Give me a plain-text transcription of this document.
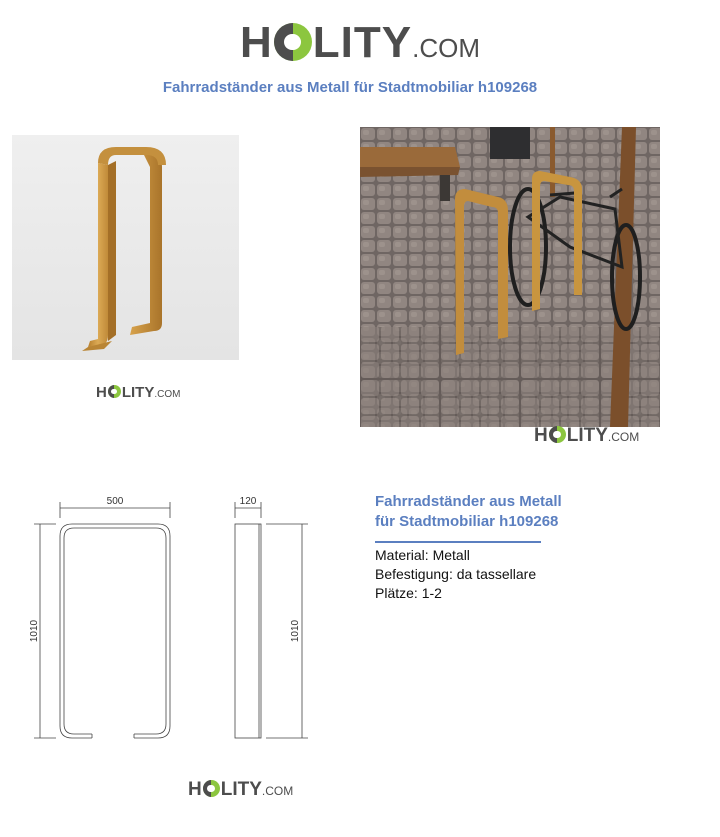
H LITY .COM
Fahrradständer aus Metall für Stadtmobiliar h109268
H LITY .COM
H LITY .COM
500
1010
120
1010
Fahrradständer aus Metall
für Stadtmobiliar h109268
Material: Metall
Befestigung: da tassellare
Plätze: 1-2
H LITY .COM
